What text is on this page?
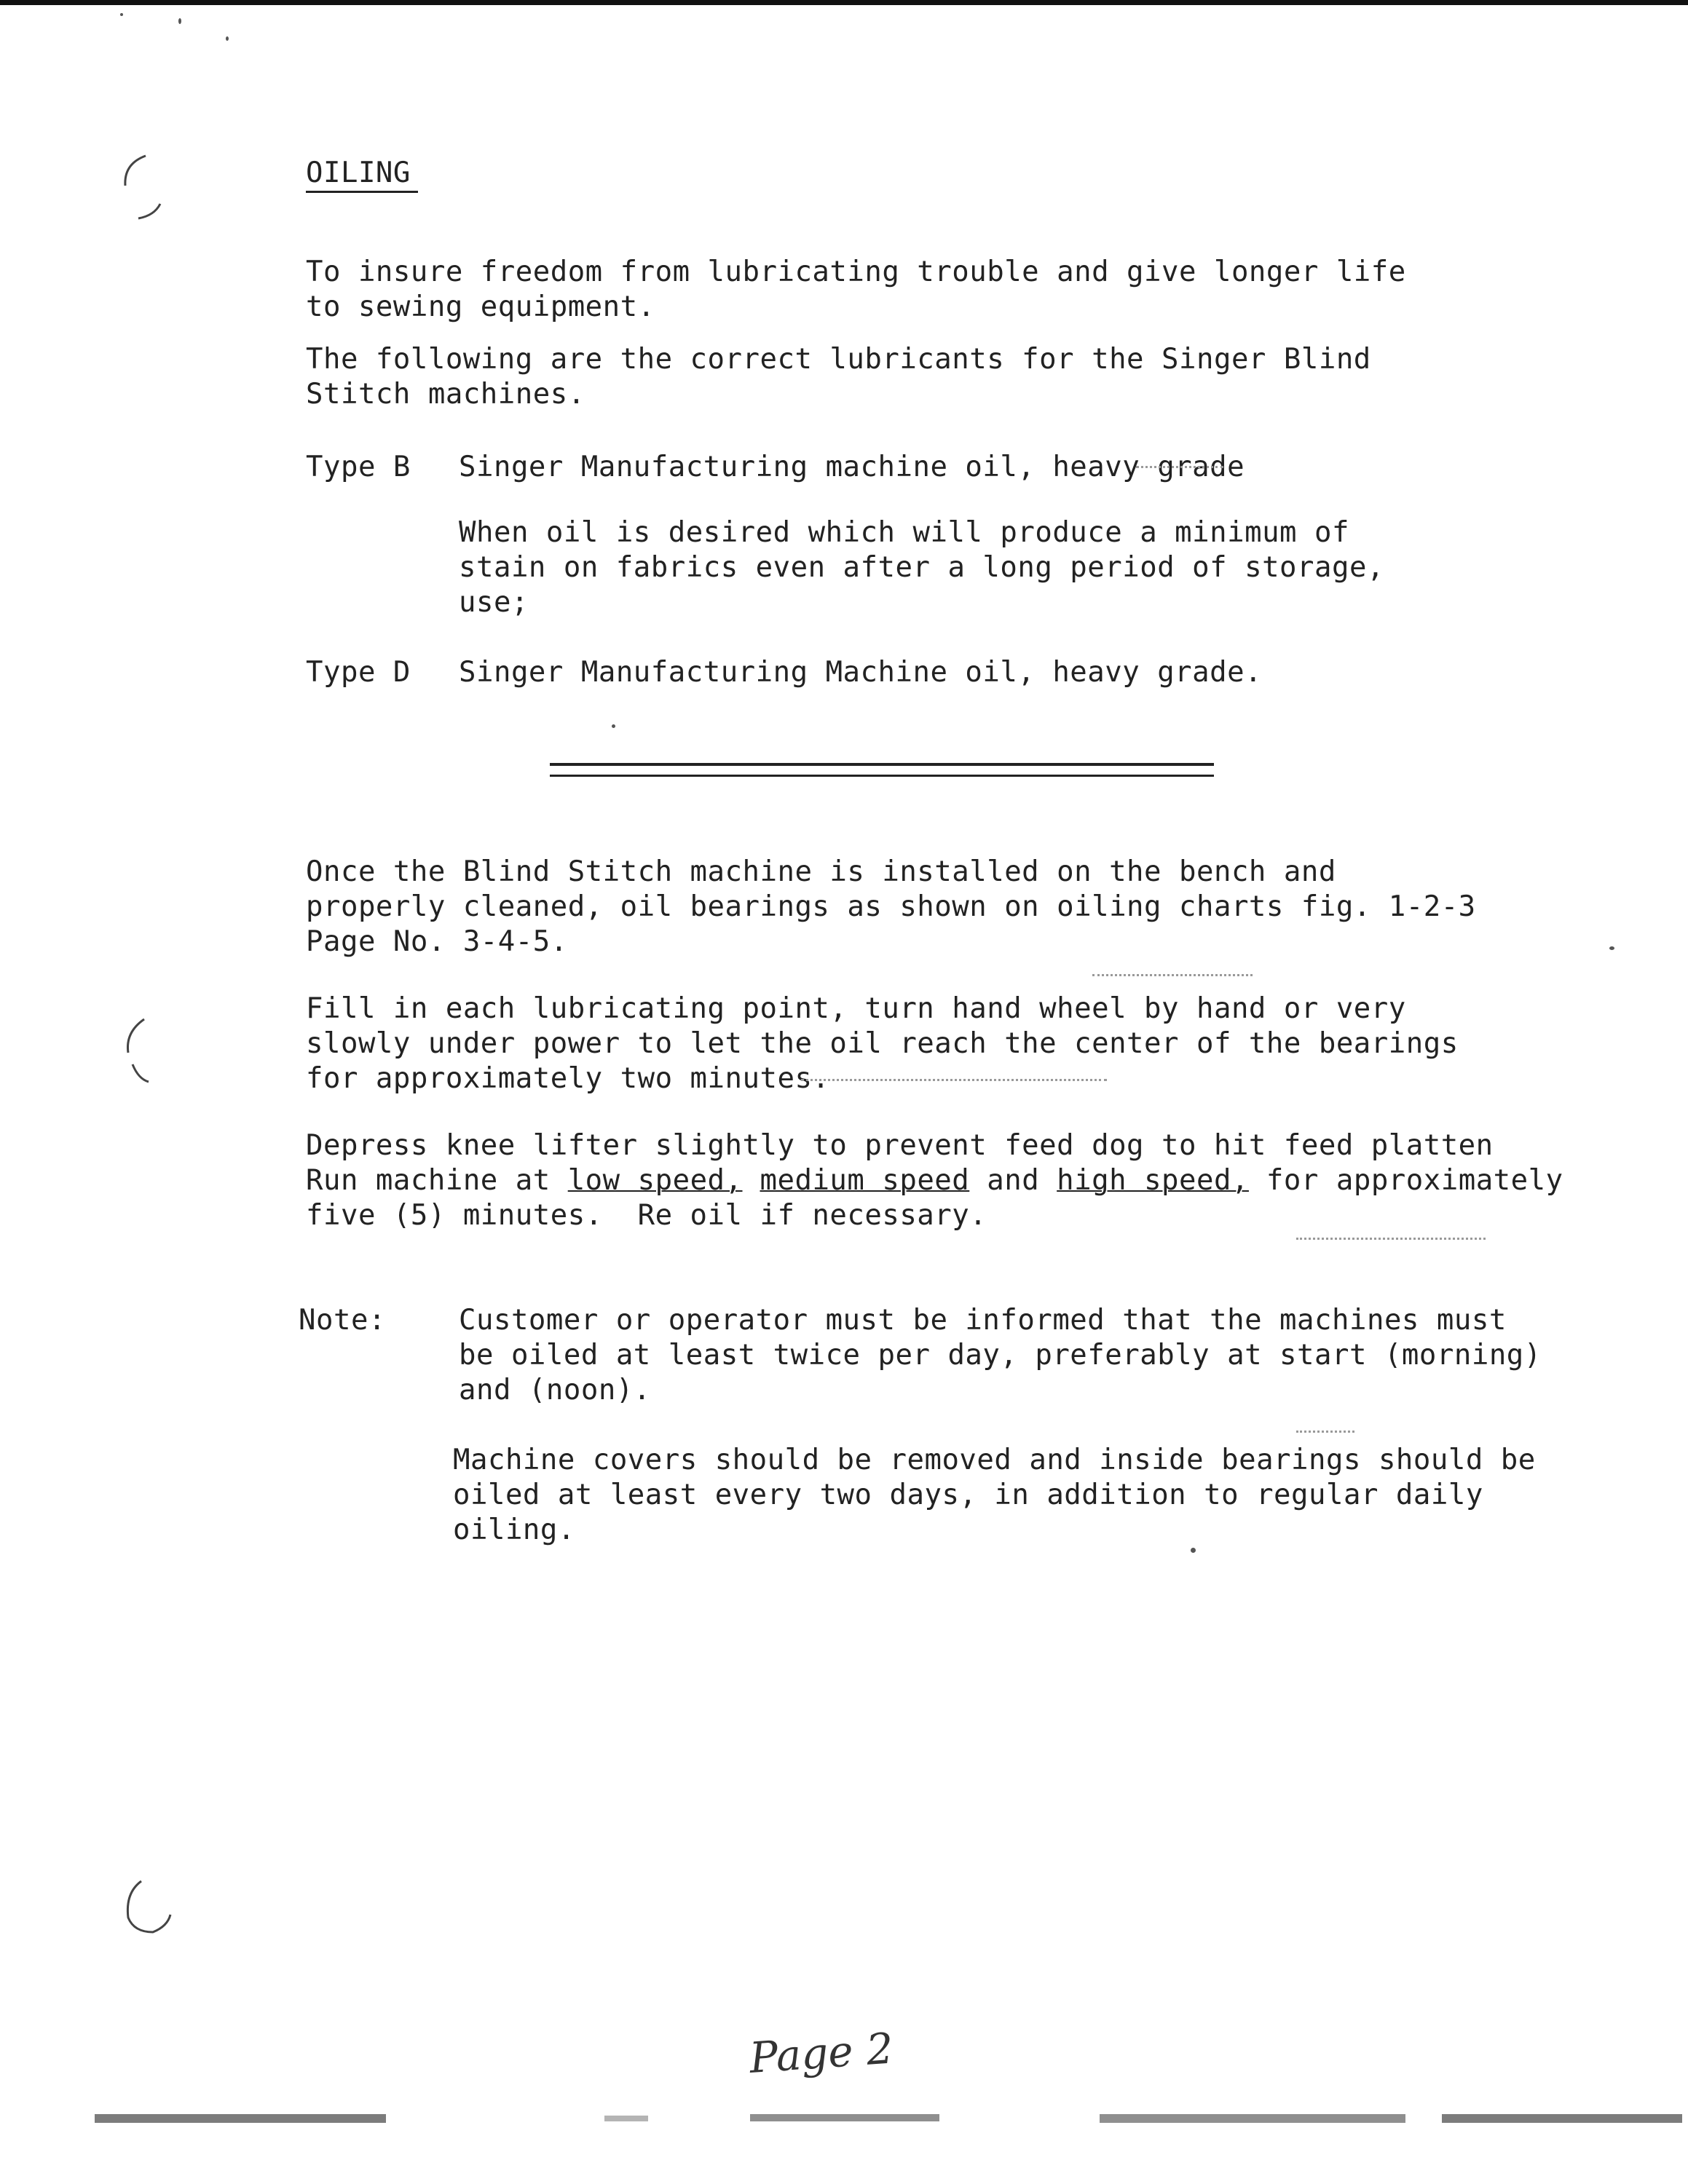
OILING
To insure freedom from lubricating trouble and give longer life
to sewing equipment.
The following are the correct lubricants for the Singer Blind
Stitch machines.
Type B Singer Manufacturing machine oil, heavy grade
When oil is desired which will produce a minimum of
stain on fabrics even after a long period of storage,
use;
Type D Singer Manufacturing Machine oil, heavy grade.
Once the Blind Stitch machine is installed on the bench and
properly cleaned, oil bearings as shown on oiling charts fig. 1-2-3
Page No. 3-4-5.
Fill in each lubricating point, turn hand wheel by hand or very
slowly under power to let the oil reach the center of the bearings
for approximately two minutes.
Depress knee lifter slightly to prevent feed dog to hit feed platten
Run machine at low speed, medium speed and high speed, for approximately
five (5) minutes.  Re oil if necessary.
Note:	Customer or operator must be informed that the machines must
be oiled at least twice per day, preferably at start (morning)
and (noon).
Machine covers should be removed and inside bearings should be
oiled at least every two days, in addition to regular daily
oiling.
Page 2
